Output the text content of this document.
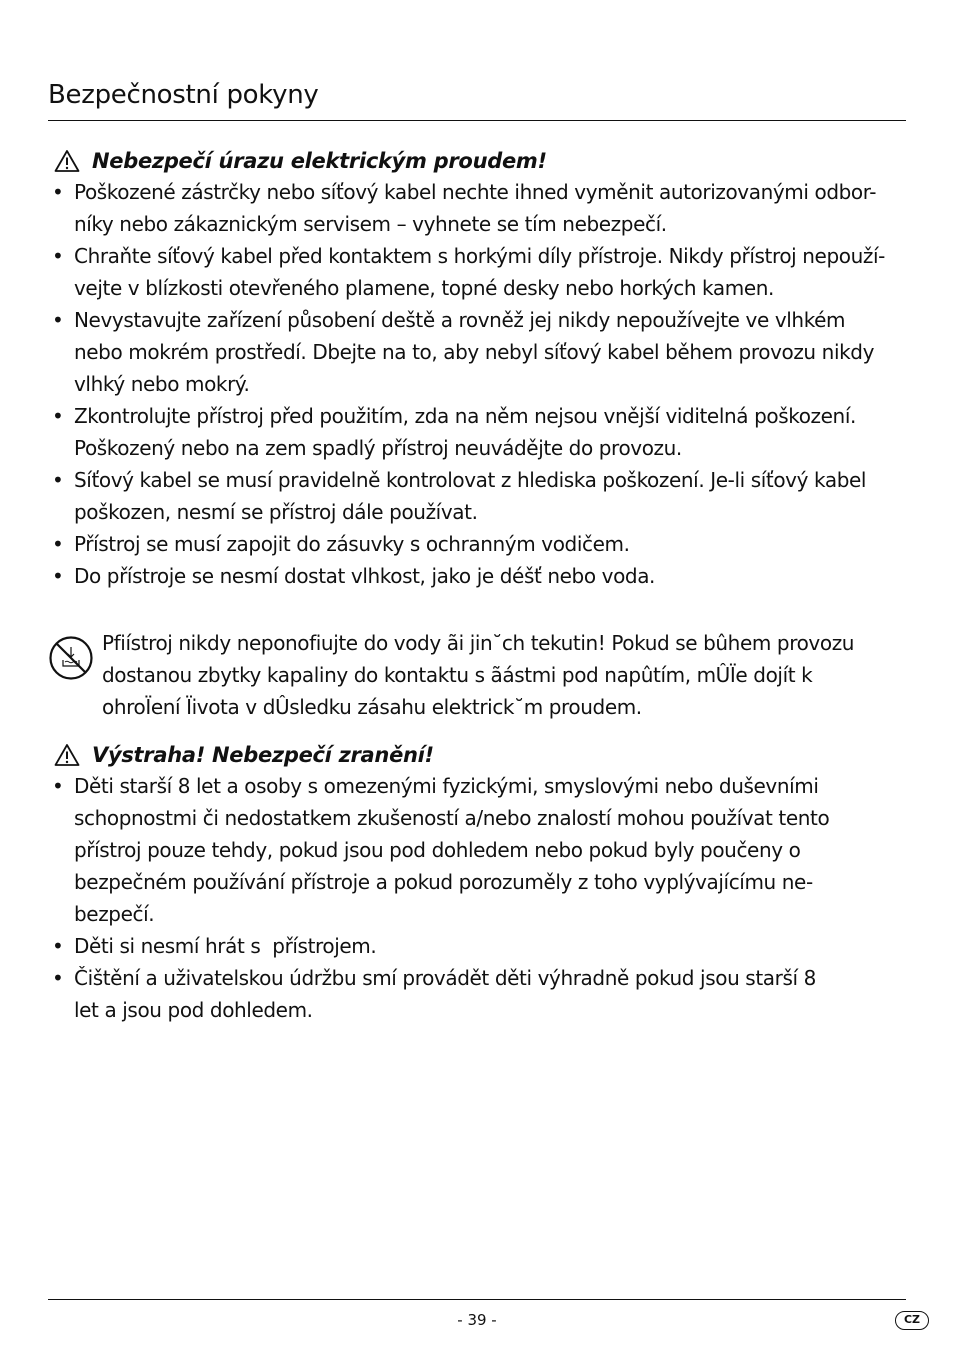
Bezpečnostní pokyny
Nebezpečí úrazu elektrickým proudem!
• Poškozené zástrčky nebo síťový kabel nechte ihned vyměnit autorizovanými odbor-
níky nebo zákaznickým servisem – vyhnete se tím nebezpečí.
• Chraňte síťový kabel před kontaktem s horkými díly přístroje. Nikdy přístroj nepouží-
vejte v blízkosti otevřeného plamene, topné desky nebo horkých kamen.
• Nevystavujte zařízení působení deště a rovněž jej nikdy nepoužívejte ve vlhkém
nebo mokrém prostředí. Dbejte na to, aby nebyl síťový kabel během provozu nikdy
vlhký nebo mokrý.
• Zkontrolujte přístroj před použitím, zda na něm nejsou vnější viditelná poškození.
Poškozený nebo na zem spadlý přístroj neuvádějte do provozu.
• Síťový kabel se musí pravidelně kontrolovat z hlediska poškození. Je-li síťový kabel
poškozen, nesmí se přístroj dále používat.
• Přístroj se musí zapojit do zásuvky s ochranným vodičem.
• Do přístroje se nesmí dostat vlhkost, jako je déšť nebo voda.
Pfiístroj nikdy neponofiujte do vody ãi jin˘ch tekutin! Pokud se bûhem provozu
dostanou zbytky kapaliny do kontaktu s ãástmi pod napûtím, mÛÏe dojít k
ohroÏení Ïivota v dÛsledku zásahu elektrick˘m proudem.
Výstraha! Nebezpečí zranění!
• Děti starší 8 let a osoby s omezenými fyzickými, smyslovými nebo duševními
schopnostmi či nedostatkem zkušeností a/nebo znalostí mohou používat tento
přístroj pouze tehdy, pokud jsou pod dohledem nebo pokud byly poučeny o
bezpečném používání přístroje a pokud porozuměly z toho vyplývajícímu ne-
bezpečí.
• Děti si nesmí hrát s  přístrojem.
• Čištění a uživatelskou údržbu smí provádět děti výhradně pokud jsou starší 8
let a jsou pod dohledem.
- 39 -	CZ
